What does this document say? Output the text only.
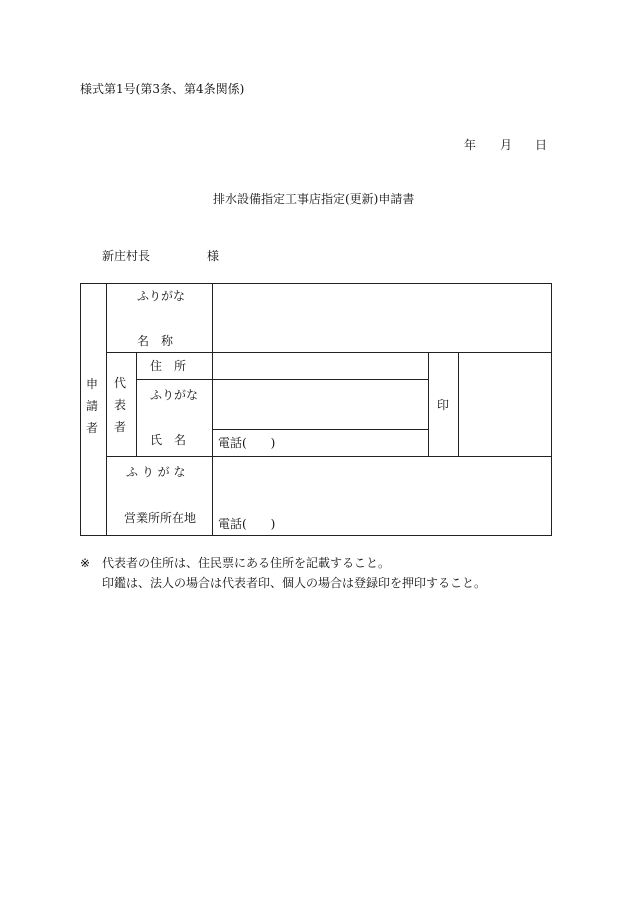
様式第1号(第3条、第4条関係)
年 月 日
排水設備指定工事店指定(更新)申請書
新庄村長	様
申請者
ふりがな
名　称
代表者
住　所
ふりがな
氏　名	電話(　　)
印
ふ り が な
営業所所在地 電話(　　)
※ 代表者の住所は、住民票にある住所を記載すること。
印鑑は、法人の場合は代表者印、個人の場合は登録印を押印すること。
